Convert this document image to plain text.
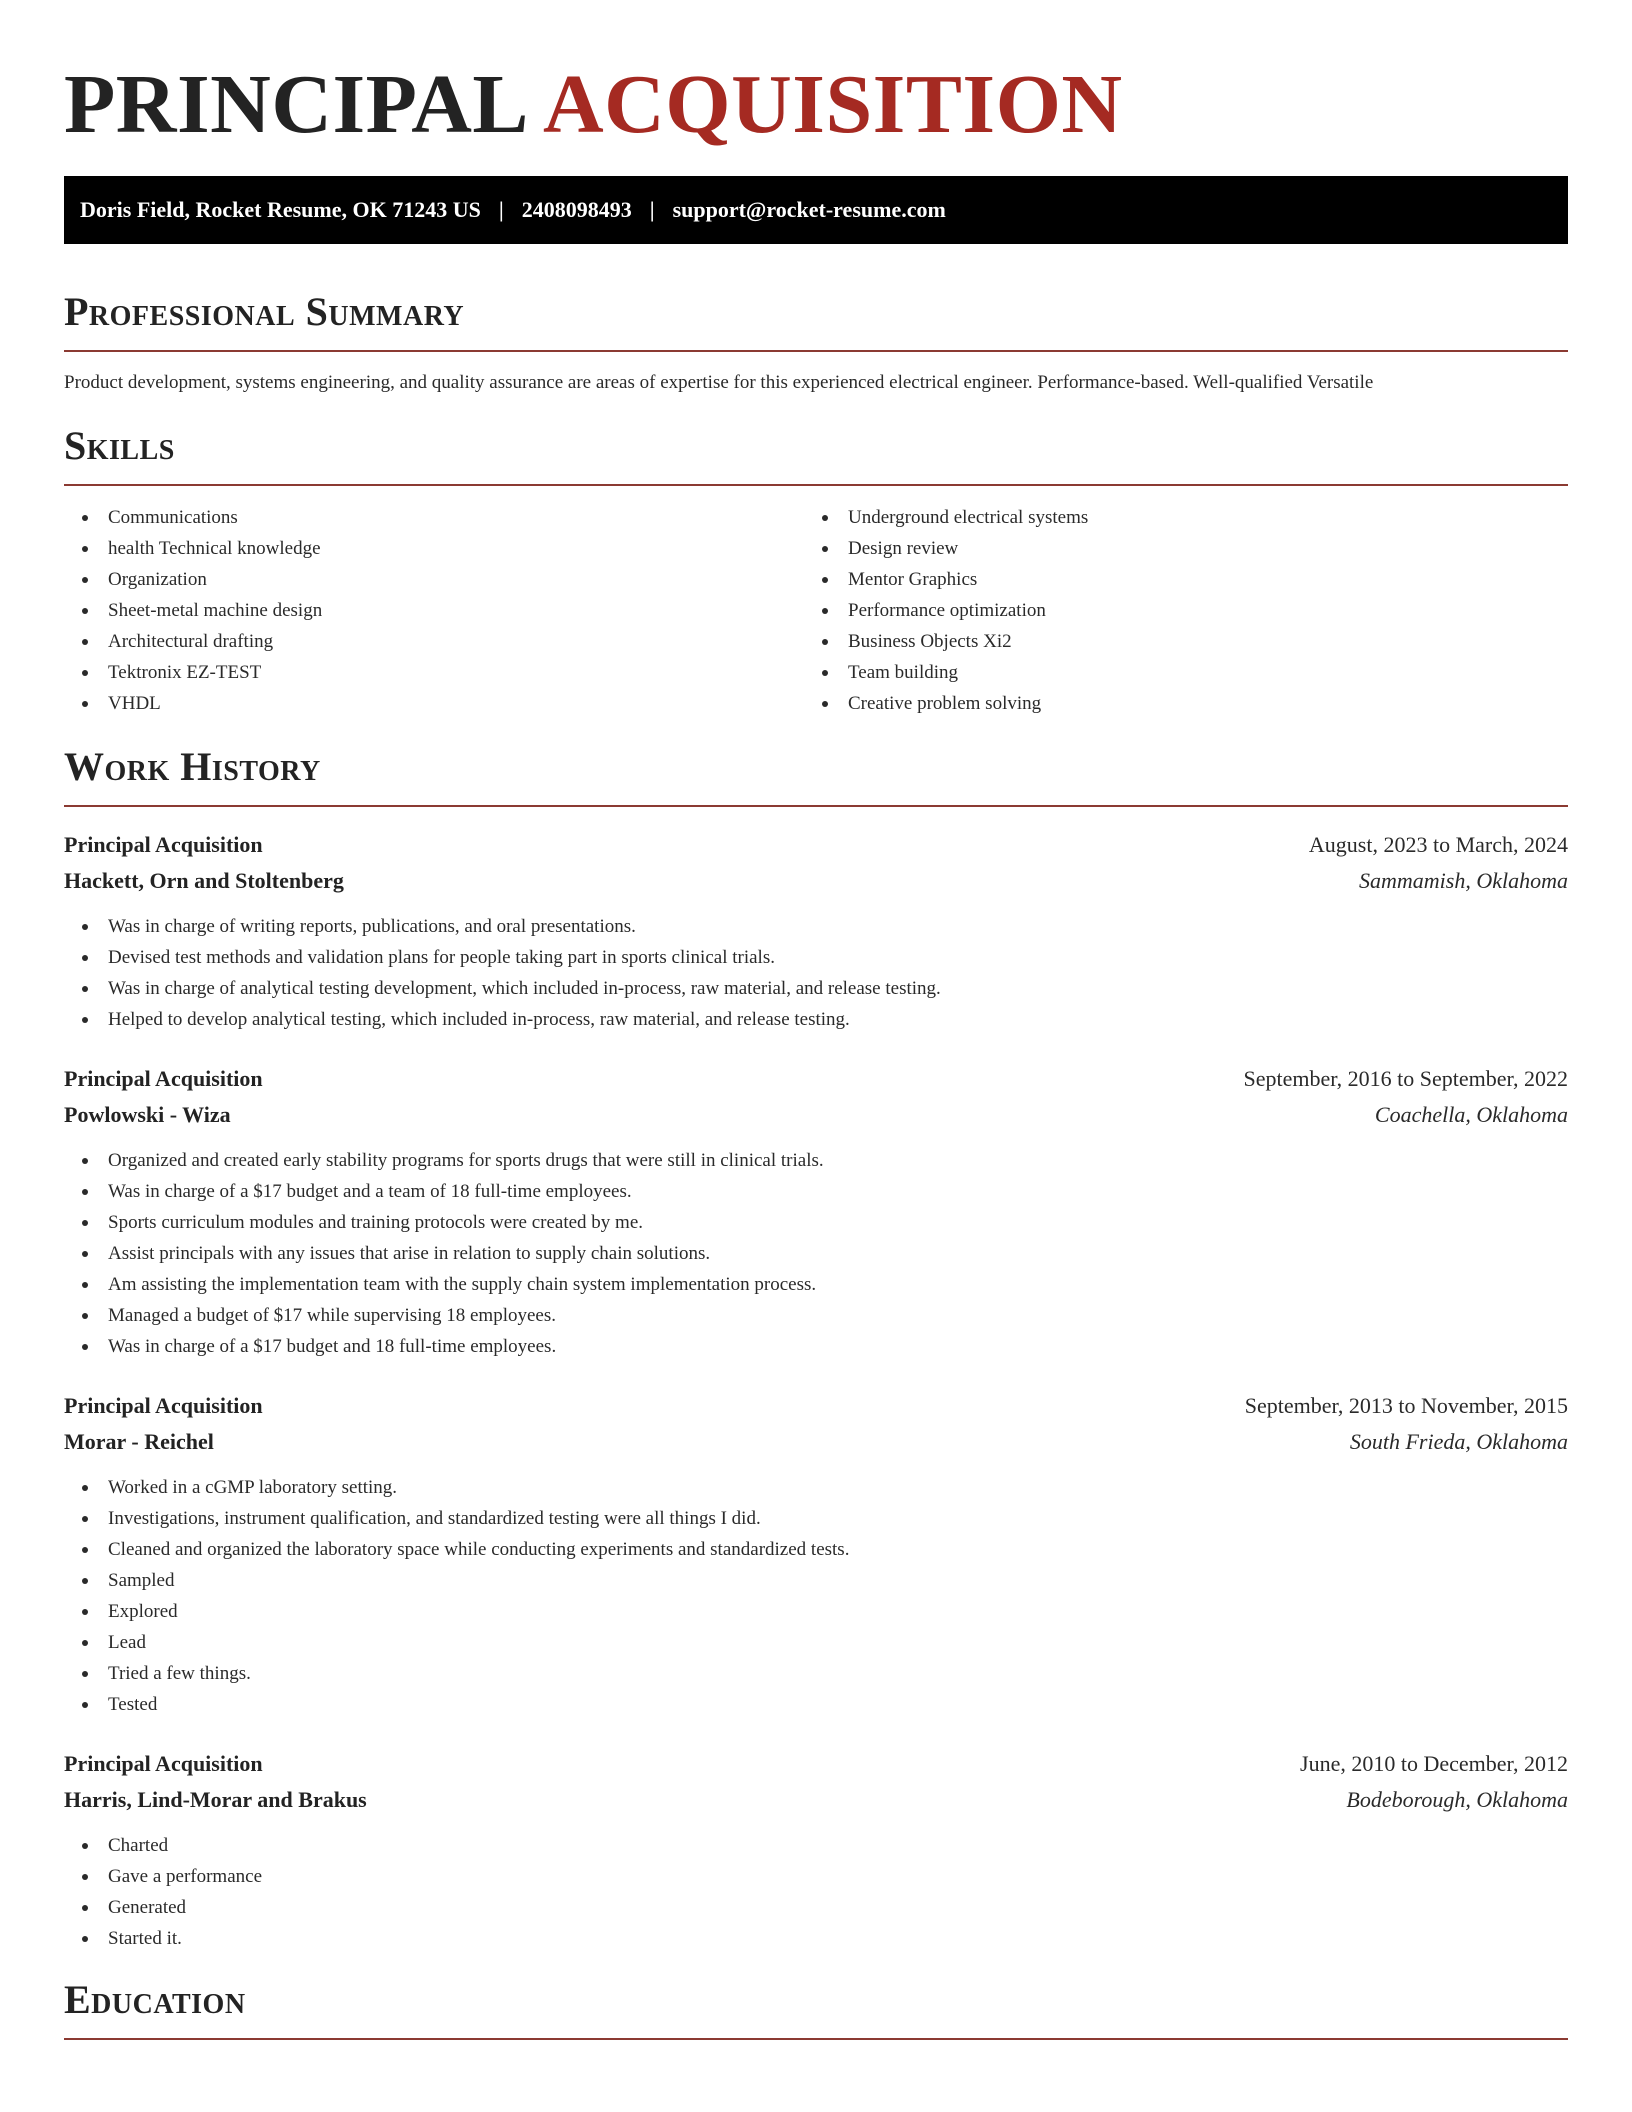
PRINCIPAL ACQUISITION
Doris Field, Rocket Resume, OK 71243 US | 2408098493 | support@rocket-resume.com
Professional Summary

Product development, systems engineering, and quality assurance are areas of expertise for this experienced electrical engineer. Performance-based. Well-qualified Versatile

Skills
Communications
health Technical knowledge
Organization
Sheet-metal machine design
Architectural drafting
Tektronix EZ-TEST
VHDL
Underground electrical systems
Design review
Mentor Graphics
Performance optimization
Business Objects Xi2
Team building
Creative problem solving
Work History
Principal Acquisition	August, 2023 to March, 2024
Hackett, Orn and Stoltenberg	Sammamish, Oklahoma
Was in charge of writing reports, publications, and oral presentations.
Devised test methods and validation plans for people taking part in sports clinical trials.
Was in charge of analytical testing development, which included in-process, raw material, and release testing.
Helped to develop analytical testing, which included in-process, raw material, and release testing.
Principal Acquisition	September, 2016 to September, 2022
Powlowski - Wiza	Coachella, Oklahoma
Organized and created early stability programs for sports drugs that were still in clinical trials.
Was in charge of a $17 budget and a team of 18 full-time employees.
Sports curriculum modules and training protocols were created by me.
Assist principals with any issues that arise in relation to supply chain solutions.
Am assisting the implementation team with the supply chain system implementation process.
Managed a budget of $17 while supervising 18 employees.
Was in charge of a $17 budget and 18 full-time employees.
Principal Acquisition	September, 2013 to November, 2015
Morar - Reichel	South Frieda, Oklahoma
Worked in a cGMP laboratory setting.
Investigations, instrument qualification, and standardized testing were all things I did.
Cleaned and organized the laboratory space while conducting experiments and standardized tests.
Sampled
Explored
Lead
Tried a few things.
Tested
Principal Acquisition	June, 2010 to December, 2012
Harris, Lind-Morar and Brakus	Bodeborough, Oklahoma
Charted
Gave a performance
Generated
Started it.
Education
